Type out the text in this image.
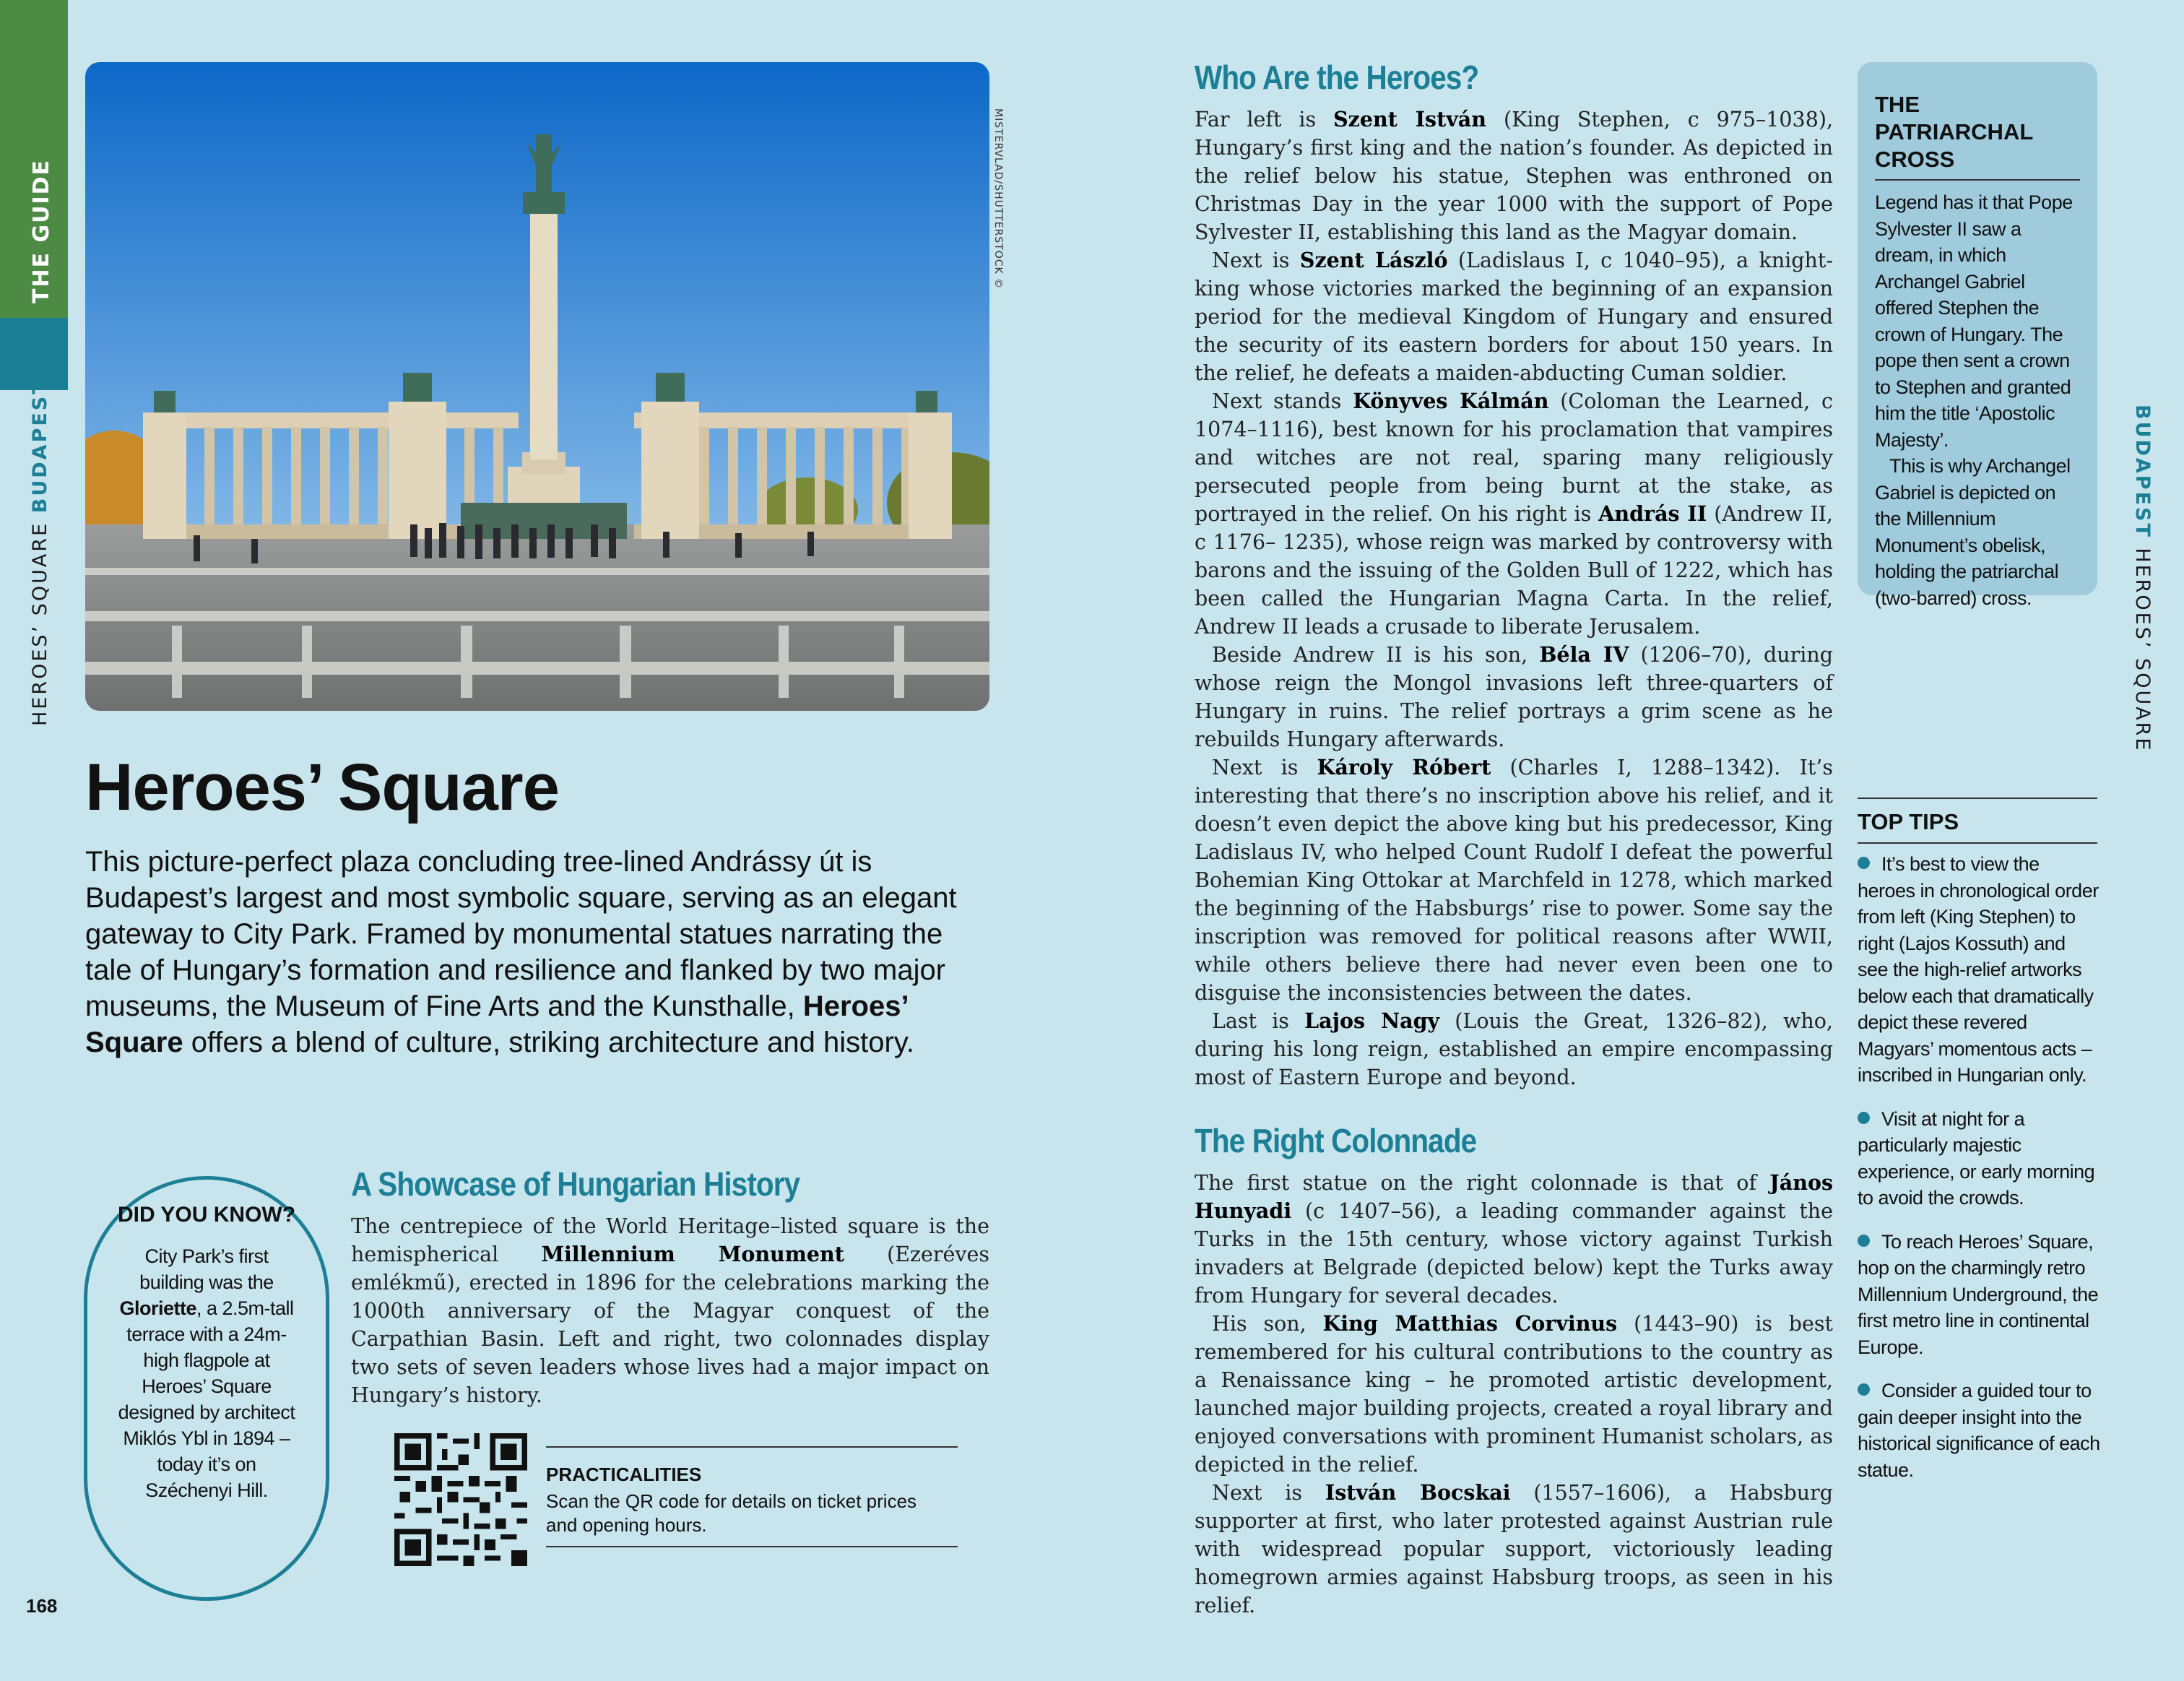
THE GUIDE
HEROES’ SQUARE BUDAPEST	BUDAPEST HEROES’ SQUARE
MISTERVLAD/SHUTTERSTOCK ©
Heroes’ Square
This picture-perfect plaza concluding tree-lined Andrássy út is Budapest’s largest and most symbolic square, serving as an elegant gateway to City Park. Framed by monumental statues narrating the tale of Hungary’s formation and resilience and flanked by two major museums, the Museum of Fine Arts and the Kunsthalle, Heroes’ Square offers a blend of culture, striking architecture and history.
DID YOU KNOW?
City Park’s first building was the Gloriette, a 2.5m-tall terrace with a 24m-high flagpole at Heroes’ Square designed by architect Miklós Ybl in 1894 – today it’s on Széchenyi Hill.
A Showcase of Hungarian History

The centrepiece of the World Heritage–listed square is the hemispherical Millennium Monument (Ezeréves emlékmű), erected in 1896 for the celebrations marking the 1000th anniversary of the Magyar conquest of the Carpathian Basin. Left and right, two colonnades display two sets of seven leaders whose lives had a major impact on Hungary’s history.

PRACTICALITIES
Scan the QR code for details on ticket prices and opening hours.
168
Who Are the Heroes?

Far left is Szent István (King Stephen, c 975–1038), Hungary’s first king and the nation’s founder. As depicted in the relief below his statue, Stephen was enthroned on Christmas Day in the year 1000 with the support of Pope Sylvester II, establishing this land as the Magyar domain.

Next is Szent László (Ladislaus I, c 1040–95), a knight-king whose victories marked the beginning of an expansion period for the medieval Kingdom of Hungary and ensured the security of its eastern borders for about 150 years. In the relief, he defeats a maiden-abducting Cuman soldier.

Next stands Könyves Kálmán (Coloman the Learned, c 1074–1116), best known for his proclamation that vampires and witches are not real, sparing many religiously persecuted people from being burnt at the stake, as portrayed in the relief. On his right is András II (Andrew II, c 1176– 1235), whose reign was marked by controversy with barons and the issuing of the Golden Bull of 1222, which has been called the Hungarian Magna Carta. In the relief, Andrew II leads a crusade to liberate Jerusalem.

Beside Andrew II is his son, Béla IV (1206–70), during whose reign the Mongol invasions left three-quarters of Hungary in ruins. The relief portrays a grim scene as he rebuilds Hungary afterwards.

Next is Károly Róbert (Charles I, 1288–1342). It’s interesting that there’s no inscription above his relief, and it doesn’t even depict the above king but his predecessor, King Ladislaus IV, who helped Count Rudolf I defeat the powerful Bohemian King Ottokar at Marchfeld in 1278, which marked the beginning of the Habsburgs’ rise to power. Some say the inscription was removed for political reasons after WWII, while others believe there had never even been one to disguise the inconsistencies between the dates.

Last is Lajos Nagy (Louis the Great, 1326–82), who, during his long reign, established an empire encompassing most of Eastern Europe and beyond.

The Right Colonnade

The first statue on the right colonnade is that of János Hunyadi (c 1407–56), a leading commander against the Turks in the 15th century, whose victory against Turkish invaders at Belgrade (depicted below) kept the Turks away from Hungary for several decades.

His son, King Matthias Corvinus (1443–90) is best remembered for his cultural contributions to the country as a Renaissance king – he promoted artistic development, launched major building projects, created a royal library and enjoyed conversations with prominent Humanist scholars, as depicted in the relief.

Next is István Bocskai (1557–1606), a Habsburg supporter at first, who later protested against Austrian rule with widespread popular support, victoriously leading homegrown armies against Habsburg troops, as seen in his relief.

THE PATRIARCHAL CROSS

Legend has it that Pope Sylvester II saw a dream, in which Archangel Gabriel offered Stephen the crown of Hungary. The pope then sent a crown to Stephen and granted him the title ‘Apostolic Majesty’.

This is why Archangel Gabriel is depicted on the Millennium Monument’s obelisk, holding the patriarchal (two-barred) cross.

TOP TIPS
It’s best to view the heroes in chronological order from left (King Stephen) to right (Lajos Kossuth) and see the high-relief artworks below each that dramatically depict these revered Magyars’ momentous acts – inscribed in Hungarian only.
Visit at night for a particularly majestic experience, or early morning to avoid the crowds.
To reach Heroes’ Square, hop on the charmingly retro Millennium Underground, the first metro line in continental Europe.
Consider a guided tour to gain deeper insight into the historical significance of each statue.
